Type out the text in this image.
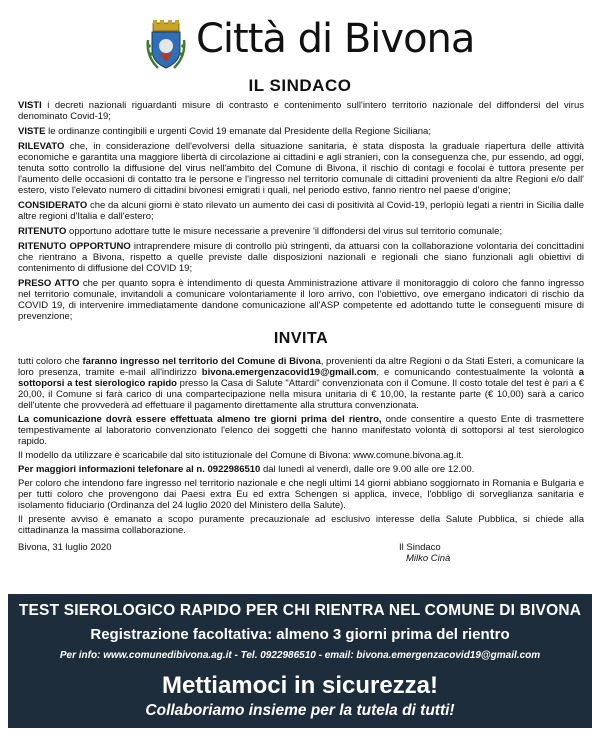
Città di Bivona
IL SINDACO
VISTI i decreti nazionali riguardanti misure di contrasto e contenimento sull'intero territorio nazionale del diffondersi del virus denominato Covid-19;
VISTE le ordinanze contingibili e urgenti Covid 19 emanate dal Presidente della Regione Siciliana;
RILEVATO che, in considerazione dell'evolversi della situazione sanitaria, è stata disposta la graduale riapertura delle attività economiche e garantita una maggiore libertà di circolazione ai cittadini e agli stranieri, con la conseguenza che, pur essendo, ad oggi, tenuta sotto controllo la diffusione del virus nell'ambito del Comune di Bivona, il rischio di contagi e focolai è tuttora presente per l'aumento delle occasioni di contatto tra le persone e l'ingresso nel territorio comunale di cittadini provenienti da altre Regioni e/o dall' estero, visto l'elevato numero di cittadini bivonesi emigrati i quali, nel periodo estivo, fanno rientro nel paese d'origine;
CONSIDERATO che da alcuni giorni è stato rilevato un aumento dei casi di positività al Covid-19, perlopiù legati a rientri in Sicilia dalle altre regioni d'Italia e dall'estero;
RITENUTO opportuno adottare tutte le misure necessarie a prevenire 'il diffondersi del virus sul territorio comunale;
RITENUTO OPPORTUNO intraprendere misure di controllo più stringenti, da attuarsi con la collaborazione volontaria dei concittadini che rientrano a Bivona, rispetto a quelle previste dalle disposizioni nazionali e regionali che siano funzionali agli obiettivi di contenimento di diffusione del COVID 19;
PRESO ATTO che per quanto sopra è intendimento di questa Amministrazione attivare il monitoraggio di coloro che fanno ingresso nel territorio comunale, invitandoli a comunicare volontariamente il loro arrivo, con l'obiettivo, ove emergano indicatori di rischio da COVID 19, di intervenire immediatamente dandone comunicazione all'ASP competente ed adottando tutte le conseguenti misure di prevenzione;
INVITA
tutti coloro che faranno ingresso nel territorio del Comune di Bivona, provenienti da altre Regioni o da Stati Esteri, a comunicare la loro presenza, tramite e-mail all'indirizzo bivona.emergenzacovid19@gmail.com, e comunicando contestualmente la volontà a sottoporsi a test sierologico rapido presso la Casa di Salute "Attardi" convenzionata con il Comune. Il costo totale del test è pari a € 20,00, il Comune si farà carico di una compartecipazione nella misura unitaria di € 10,00, la restante parte (€ 10,00) sarà a carico dell'utente che provvederà ad effettuare il pagamento direttamente alla struttura convenzionata.
La comunicazione dovrà essere effettuata almeno tre giorni prima del rientro, onde consentire a questo Ente di trasmettere tempestivamente al laboratorio convenzionato l'elenco dei soggetti che hanno manifestato volontà di sottoporsi al test sierologico rapido.
Il modello da utilizzare è scaricabile dal sito istituzionale del Comune di Bivona: www.comune.bivona.ag.it.
Per maggiori informazioni telefonare al n. 0922986510 dal lunedì al venerdì, dalle ore 9.00 alle ore 12.00.
Per coloro che intendono fare ingresso nel territorio nazionale e che negli ultimi 14 giorni abbiano soggiornato in Romania e Bulgaria e per tutti coloro che provengono dai Paesi extra Eu ed extra Schengen si applica, invece, l'obbligo di sorveglianza sanitaria e isolamento fiduciario (Ordinanza del 24 luglio 2020 del Ministero della Salute).
Il presente avviso è emanato a scopo puramente precauzionale ad esclusivo interesse della Salute Pubblica, si chiede alla cittadinanza la massima collaborazione.
Bivona, 31 luglio 2020	Il Sindaco
Milko Cinà
TEST SIEROLOGICO RAPIDO PER CHI RIENTRA NEL COMUNE DI BIVONA
Registrazione facoltativa: almeno 3 giorni prima del rientro
Per info: www.comunedibivona.ag.it - Tel. 0922986510 - email: bivona.emergenzacovid19@gmail.com
Mettiamoci in sicurezza!
Collaboriamo insieme per la tutela di tutti!
